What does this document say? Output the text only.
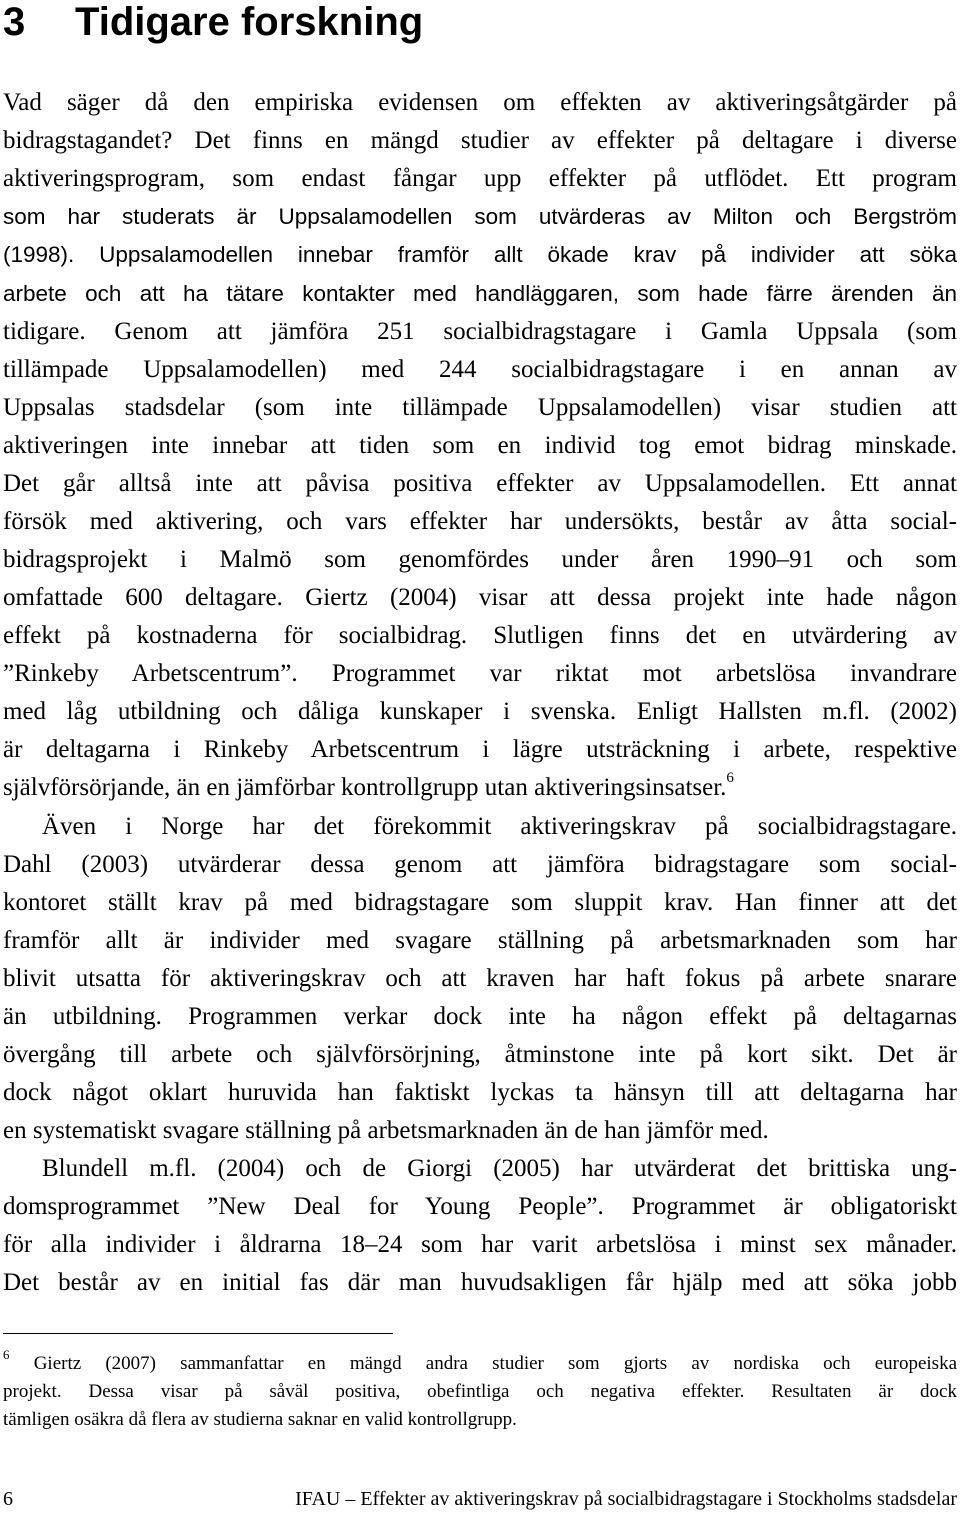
3 Tidigare forskning
Vad säger då den empiriska evidensen om effekten av aktiveringsåtgärder på
bidragstagandet? Det finns en mängd studier av effekter på deltagare i diverse
aktiveringsprogram, som endast fångar upp effekter på utflödet. Ett program
som har studerats är Uppsalamodellen som utvärderas av Milton och Bergström
(1998). Uppsalamodellen innebar framför allt ökade krav på individer att söka
arbete och att ha tätare kontakter med handläggaren, som hade färre ärenden än
tidigare. Genom att jämföra 251 socialbidragstagare i Gamla Uppsala (som
tillämpade Uppsalamodellen) med 244 socialbidragstagare i en annan av
Uppsalas stadsdelar (som inte tillämpade Uppsalamodellen) visar studien att
aktiveringen inte innebar att tiden som en individ tog emot bidrag minskade.
Det går alltså inte att påvisa positiva effekter av Uppsalamodellen. Ett annat
försök med aktivering, och vars effekter har undersökts, består av åtta social-
bidragsprojekt i Malmö som genomfördes under åren 1990–91 och som
omfattade 600 deltagare. Giertz (2004) visar att dessa projekt inte hade någon
effekt på kostnaderna för socialbidrag. Slutligen finns det en utvärdering av
”Rinkeby Arbetscentrum”. Programmet var riktat mot arbetslösa invandrare
med låg utbildning och dåliga kunskaper i svenska. Enligt Hallsten m.fl. (2002)
är deltagarna i Rinkeby Arbetscentrum i lägre utsträckning i arbete, respektive
självförsörjande, än en jämförbar kontrollgrupp utan aktiveringsinsatser.$^6$
Även i Norge har det förekommit aktiveringskrav på socialbidragstagare.
Dahl (2003) utvärderar dessa genom att jämföra bidragstagare som social-
kontoret ställt krav på med bidragstagare som sluppit krav. Han finner att det
framför allt är individer med svagare ställning på arbetsmarknaden som har
blivit utsatta för aktiveringskrav och att kraven har haft fokus på arbete snarare
än utbildning. Programmen verkar dock inte ha någon effekt på deltagarnas
övergång till arbete och självförsörjning, åtminstone inte på kort sikt. Det är
dock något oklart huruvida han faktiskt lyckas ta hänsyn till att deltagarna har
en systematiskt svagare ställning på arbetsmarknaden än de han jämför med.
Blundell m.fl. (2004) och de Giorgi (2005) har utvärderat det brittiska ung-
domsprogrammet ”New Deal for Young People”. Programmet är obligatoriskt
för alla individer i åldrarna 18–24 som har varit arbetslösa i minst sex månader.
Det består av en initial fas där man huvudsakligen får hjälp med att söka jobb
$^6$ Giertz (2007) sammanfattar en mängd andra studier som gjorts av nordiska och europeiska
projekt. Dessa visar på såväl positiva, obefintliga och negativa effekter. Resultaten är dock
tämligen osäkra då flera av studierna saknar en valid kontrollgrupp.
6	IFAU – Effekter av aktiveringskrav på socialbidragstagare i Stockholms stadsdelar
